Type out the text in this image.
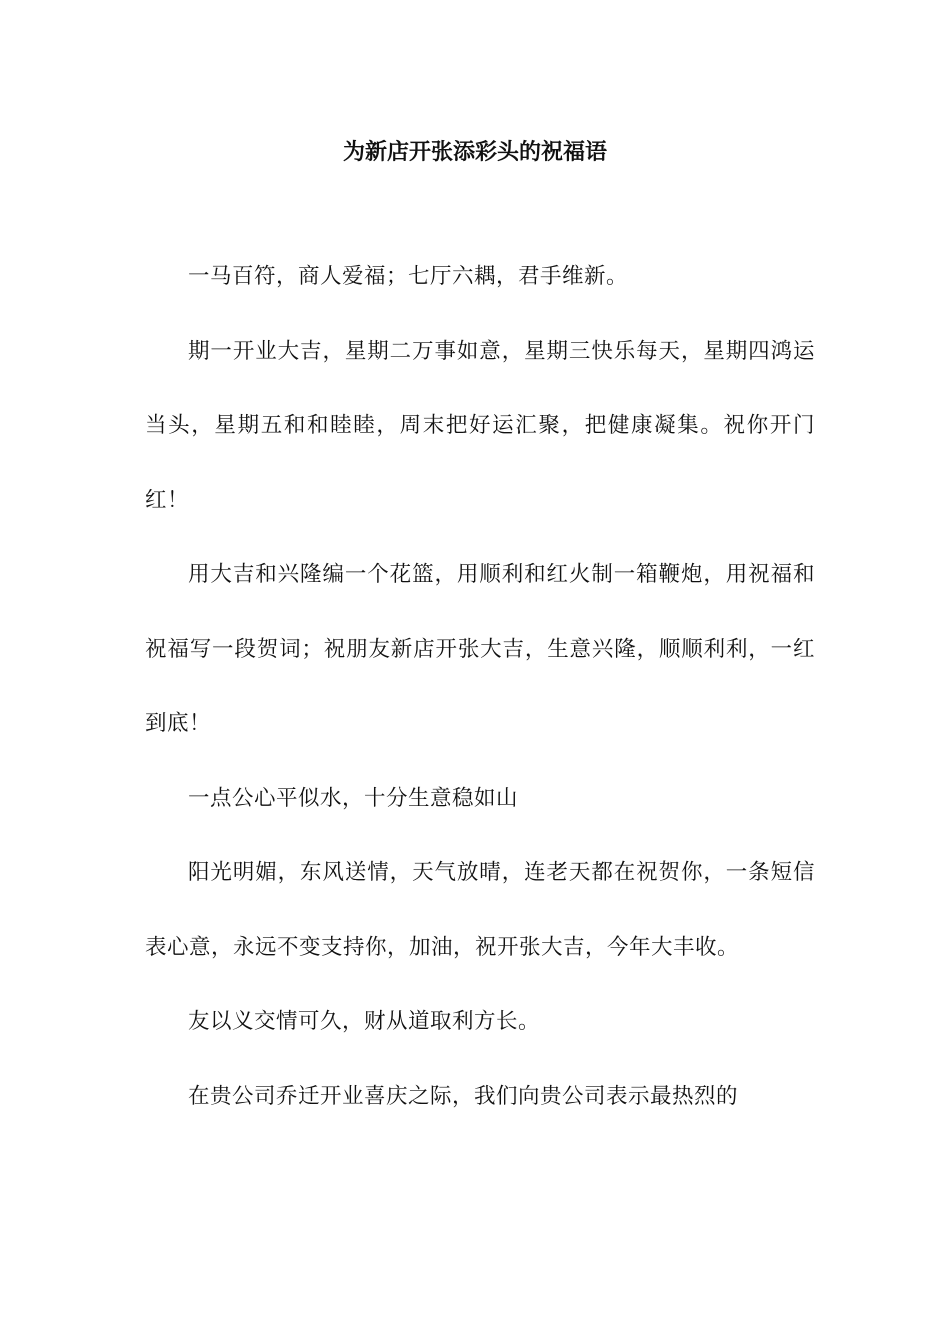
为新店开张添彩头的祝福语

一马百符，商人爱福；七厅六耦，君手维新。

期一开业大吉，星期二万事如意，星期三快乐每天，星期四鸿运当头，星期五和和睦睦，周末把好运汇聚，把健康凝集。祝你开门红！

用大吉和兴隆编一个花篮，用顺利和红火制一箱鞭炮，用祝福和祝福写一段贺词；祝朋友新店开张大吉，生意兴隆，顺顺利利，一红到底！

一点公心平似水，十分生意稳如山

阳光明媚，东风送情，天气放晴，连老天都在祝贺你，一条短信表心意，永远不变支持你，加油，祝开张大吉，今年大丰收。

友以义交情可久，财从道取利方长。

在贵公司乔迁开业喜庆之际，我们向贵公司表示最热烈的
